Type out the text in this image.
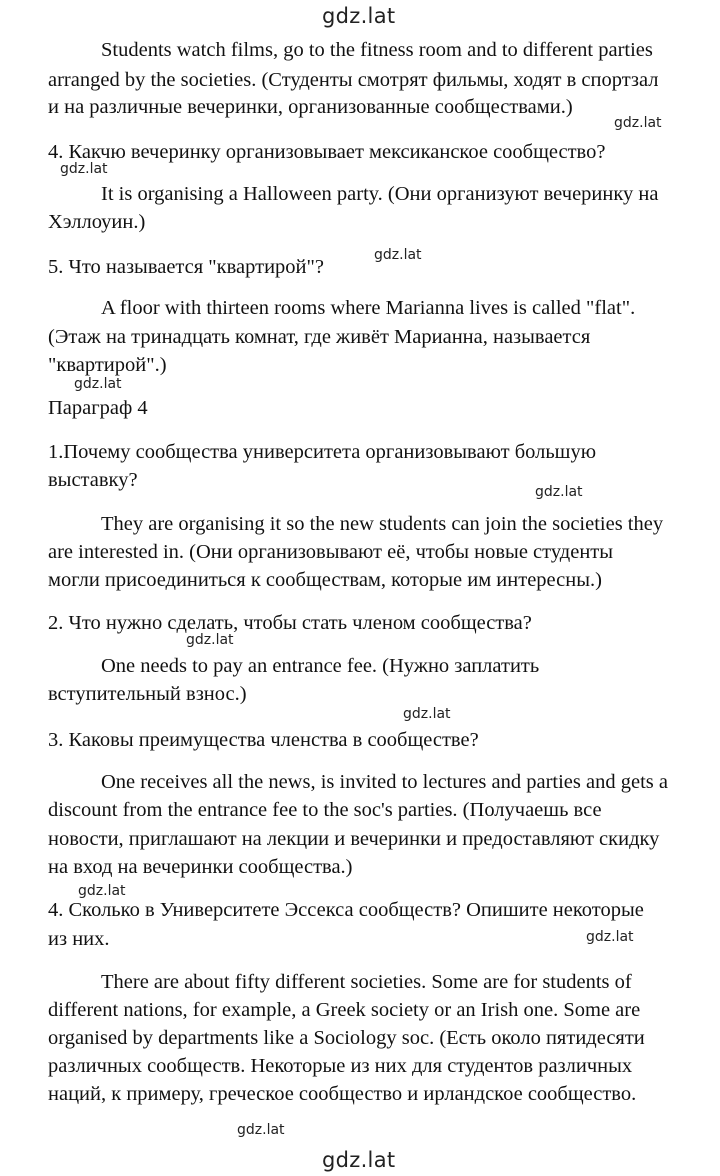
gdz.lat
Students watch films, go to the fitness room and to different parties
arranged by the societies. (Студенты смотрят фильмы, ходят в спортзал
и на различные вечеринки, организованные сообществами.)
gdz.lat
4. Какчю вечеринку организовывает мексиканское сообщество?
gdz.lat
It is organising a Halloween party. (Они организуют вечеринку на
Хэллоуин.)
gdz.lat
5. Что называется "квартирой"?
A floor with thirteen rooms where Marianna lives is called "flat".
(Этаж на тринадцать комнат, где живёт Марианна, называется
"квартирой".)
gdz.lat
Параграф 4
1.Почему сообщества университета организовывают большую
выставку?
gdz.lat
They are organising it so the new students can join the societies they
are interested in. (Они организовывают её, чтобы новые студенты
могли присоединиться к сообществам, которые им интересны.)
2. Что нужно сделать, чтобы стать членом сообщества?
gdz.lat
One needs to pay an entrance fee. (Нужно заплатить
вступительный взнос.)
gdz.lat
3. Каковы преимущества членства в сообществе?
One receives all the news, is invited to lectures and parties and gets a
discount from the entrance fee to the soc's parties. (Получаешь все
новости, приглашают на лекции и вечеринки и предоставляют скидку
на вход на вечеринки сообщества.)
gdz.lat
4. Сколько в Университете Эссекса сообществ? Опишите некоторые
из них.	gdz.lat
There are about fifty different societies. Some are for students of
different nations, for example, a Greek society or an Irish one. Some are
organised by departments like a Sociology soc. (Есть около пятидесяти
различных сообществ. Некоторые из них для студентов различных
наций, к примеру, греческое сообщество и ирландское сообщество.
gdz.lat
gdz.lat
